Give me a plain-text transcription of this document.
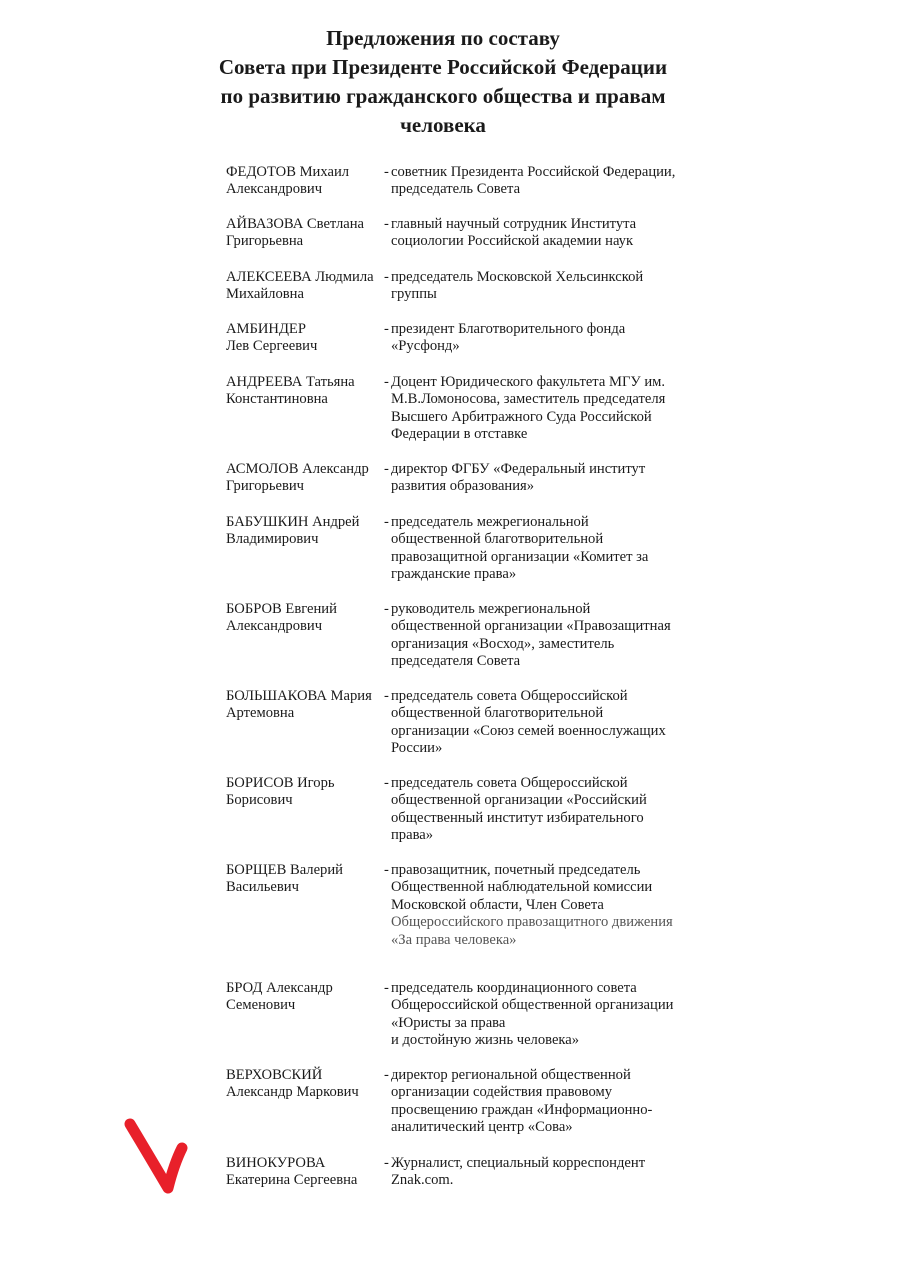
Предложения по составу
Совета при Президенте Российской Федерации
по развитию гражданского общества и правам
человека
ФЕДОТОВ Михаил
Александрович
- советник Президента Российской Федерации,
председатель Совета
АЙВАЗОВА Светлана
Григорьевна
- главный научный сотрудник Института
социологии Российской академии наук
АЛЕКСЕЕВА Людмила
Михайловна
- председатель Московской Хельсинкской
группы
АМБИНДЕР
Лев Сергеевич
- президент Благотворительного фонда
«Русфонд»
АНДРЕЕВА Татьяна
Константиновна
- Доцент Юридического факультета МГУ им.
М.В.Ломоносова, заместитель председателя
Высшего Арбитражного Суда Российской
Федерации в отставке
АСМОЛОВ Александр
Григорьевич
- директор ФГБУ «Федеральный институт
развития образования»
БАБУШКИН Андрей
Владимирович
- председатель межрегиональной
общественной благотворительной
правозащитной организации «Комитет за
гражданские права»
БОБРОВ Евгений
Александрович
- руководитель межрегиональной
общественной организации «Правозащитная
организация «Восход», заместитель
председателя Совета
БОЛЬШАКОВА Мария
Артемовна
- председатель совета Общероссийской
общественной благотворительной
организации «Союз семей военнослужащих
России»
БОРИСОВ Игорь
Борисович
- председатель совета Общероссийской
общественной организации «Российский
общественный институт избирательного
права»
БОРЩЕВ Валерий
Васильевич
- правозащитник, почетный председатель
Общественной наблюдательной комиссии
Московской области, Член Совета
Общероссийского правозащитного движения
«За права человека»
БРОД Александр
Семенович
- председатель координационного совета
Общероссийской общественной организации
«Юристы за права
и достойную жизнь человека»
ВЕРХОВСКИЙ
Александр Маркович
- директор региональной общественной
организации содействия правовому
просвещению граждан «Информационно-
аналитический центр «Сова»
ВИНОКУРОВА
Екатерина Сергеевна
- Журналист, специальный корреспондент
Znak.com.
